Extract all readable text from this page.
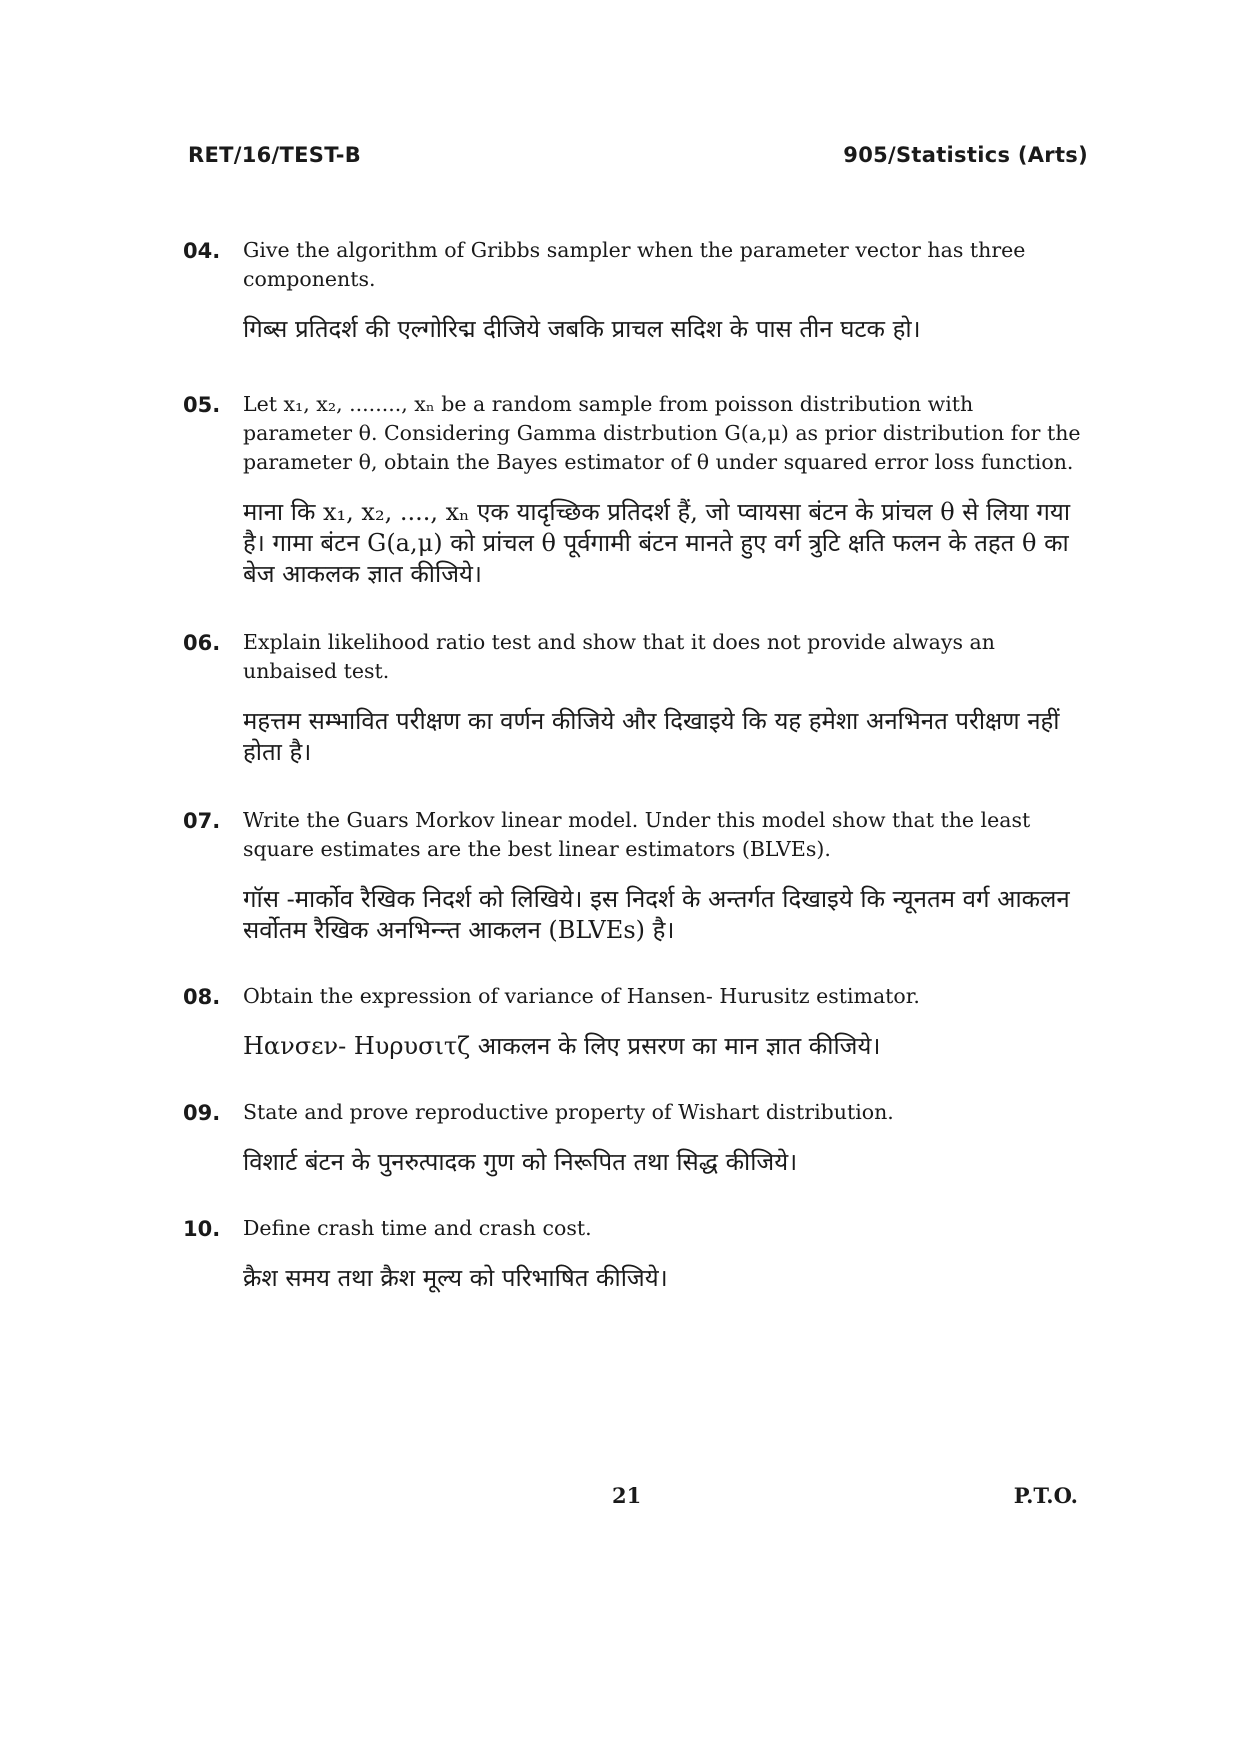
RET/16/TEST-B	905/Statistics (Arts)
04.	Give the algorithm of Gribbs sampler when the parameter vector has three components.

गिब्स प्रतिदर्श की एल्गोरिद्म दीजिये जबकि प्राचल सदिश के पास तीन घटक हो।

05.	Let x₁, x₂, ........, xₙ be a random sample from poisson distribution with parameter θ. Considering Gamma distrbution G(a,μ) as prior distribution for the parameter θ, obtain the Bayes estimator of θ under squared error loss function.

माना कि x₁, x₂, ...., xₙ एक यादृच्छिक प्रतिदर्श हैं, जो प्वायसा बंटन के प्रांचल θ से लिया गया है। गामा बंटन G(a,μ) को प्रांचल θ पूर्वगामी बंटन मानते हुए वर्ग त्रुटि क्षति फलन के तहत θ का बेज आकलक ज्ञात कीजिये।

06.	Explain likelihood ratio test and show that it does not provide always an unbaised test.

महत्तम सम्भावित परीक्षण का वर्णन कीजिये और दिखाइये कि यह हमेशा अनभिनत परीक्षण नहीं होता है।

07.	Write the Guars Morkov linear model. Under this model show that the least square estimates are the best linear estimators (BLVEs).

गॉस -मार्कोव रैखिक निदर्श को लिखिये। इस निदर्श के अन्तर्गत दिखाइये कि न्यूनतम वर्ग आकलन सर्वोतम रैखिक अनभिन्न्त आकलन (BLVEs) है।

08.	Obtain the expression of variance of Hansen- Hurusitz estimator.

Hανσεν- Hυρυσιτζ आकलन के लिए प्रसरण का मान ज्ञात कीजिये।

09.	State and prove reproductive property of Wishart distribution.

विशार्ट बंटन के पुनरुत्पादक गुण को निरूपित तथा सिद्ध कीजिये।

10.	Define crash time and crash cost.

क्रैश समय तथा क्रैश मूल्य को परिभाषित कीजिये।

21	P.T.O.
